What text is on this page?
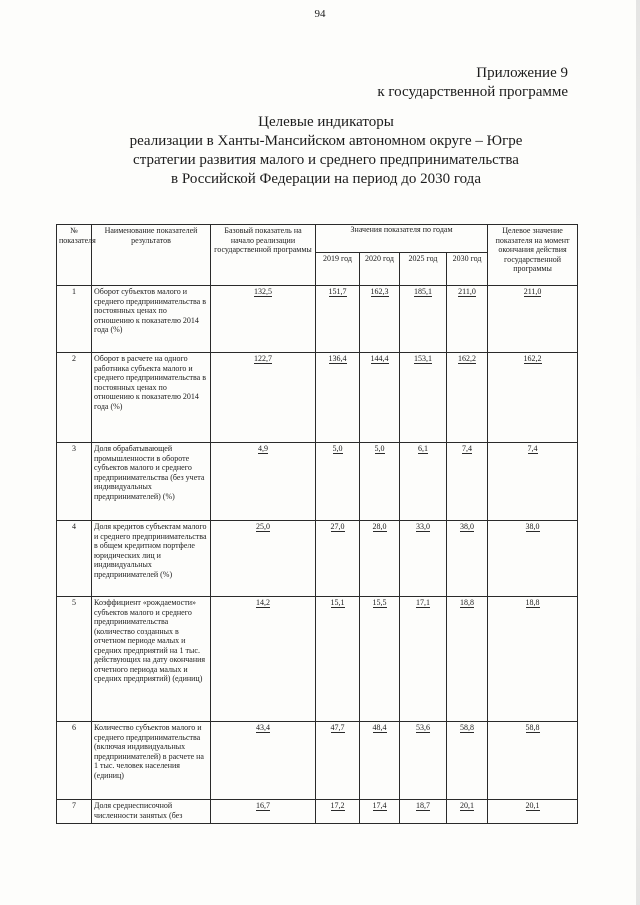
94
Приложение 9
к государственной программе
Целевые индикаторы
реализации в Ханты-Мансийском автономном округе – Югре
стратегии развития малого и среднего предпринимательства
в Российской Федерации на период до 2030 года
№ показателя	Наименование показателей результатов	Базовый показатель на начало реализации государственной программы	Значения показателя по годам				Целевое значение показателя на момент окончания действия государственной программы
			2019 год	2020 год	2025 год	2030 год	
1	Оборот субъектов малого и среднего предпринимательства в постоянных ценах по отношению к показателю 2014 года (%)	132,5	151,7	162,3	185,1	211,0	211,0
2	Оборот в расчете на одного работника субъекта малого и среднего предпринимательства в постоянных ценах по отношению к показателю 2014 года (%)	122,7	136,4	144,4	153,1	162,2	162,2
3	Доля обрабатывающей промышленности в обороте субъектов малого и среднего предпринимательства (без учета индивидуальных предпринимателей) (%)	4,9	5,0	5,0	6,1	7,4	7,4
4	Доля кредитов субъектам малого и среднего предпринимательства в общем кредитном портфеле юридических лиц и индивидуальных предпринимателей (%)	25,0	27,0	28,0	33,0	38,0	38,0
5	Коэффициент «рождаемости» субъектов малого и среднего предпринимательства (количество созданных в отчетном периоде малых и средних предприятий на 1 тыс. действующих на дату окончания отчетного периода малых и средних предприятий) (единиц)	14,2	15,1	15,5	17,1	18,8	18,8
6	Количество субъектов малого и среднего предпринимательства (включая индивидуальных предпринимателей) в расчете на 1 тыс. человек населения (единиц)	43,4	47,7	48,4	53,6	58,8	58,8
7	Доля среднесписочной численности занятых (без	16,7	17,2	17,4	18,7	20,1	20,1
